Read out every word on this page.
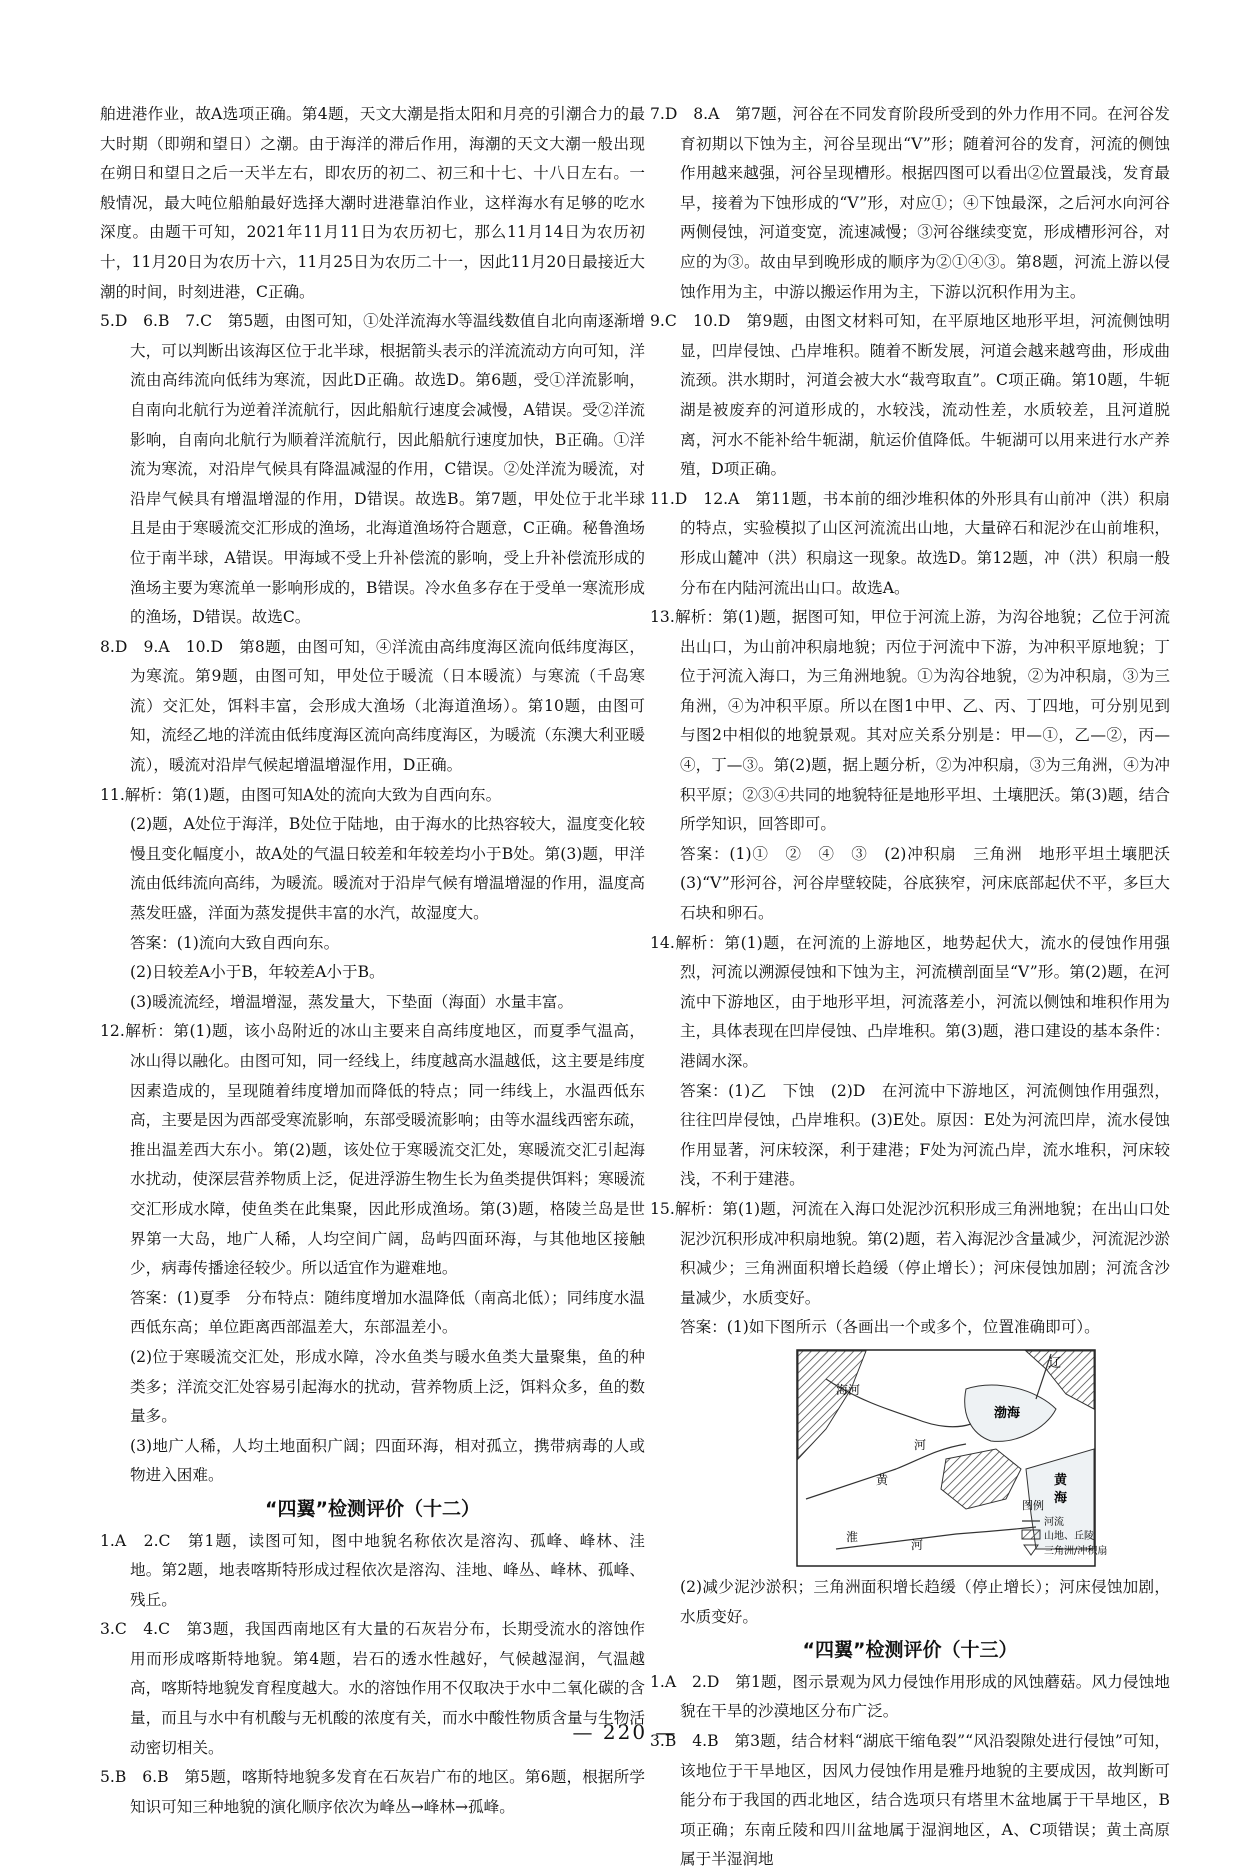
舶进港作业，故A选项正确。第4题，天文大潮是指太阳和月亮的引潮合力的最大时期（即朔和望日）之潮。由于海洋的滞后作用，海潮的天文大潮一般出现在朔日和望日之后一天半左右，即农历的初二、初三和十七、十八日左右。一般情况，最大吨位船舶最好选择大潮时进港靠泊作业，这样海水有足够的吃水深度。由题干可知，2021年11月11日为农历初七，那么11月14日为农历初十，11月20日为农历十六，11月25日为农历二十一，因此11月20日最接近大潮的时间，时刻进港，C正确。

5.D　6.B　7.C　第5题，由图可知，①处洋流海水等温线数值自北向南逐渐增大，可以判断出该海区位于北半球，根据箭头表示的洋流流动方向可知，洋流由高纬流向低纬为寒流，因此D正确。故选D。第6题，受①洋流影响，自南向北航行为逆着洋流航行，因此船航行速度会减慢，A错误。受②洋流影响，自南向北航行为顺着洋流航行，因此船航行速度加快，B正确。①洋流为寒流，对沿岸气候具有降温减湿的作用，C错误。②处洋流为暖流，对沿岸气候具有增温增湿的作用，D错误。故选B。第7题，甲处位于北半球且是由于寒暖流交汇形成的渔场，北海道渔场符合题意，C正确。秘鲁渔场位于南半球，A错误。甲海域不受上升补偿流的影响，受上升补偿流形成的渔场主要为寒流单一影响形成的，B错误。冷水鱼多存在于受单一寒流形成的渔场，D错误。故选C。

8.D　9.A　10.D　第8题，由图可知，④洋流由高纬度海区流向低纬度海区，为寒流。第9题，由图可知，甲处位于暖流（日本暖流）与寒流（千岛寒流）交汇处，饵料丰富，会形成大渔场（北海道渔场）。第10题，由图可知，流经乙地的洋流由低纬度海区流向高纬度海区，为暖流（东澳大利亚暖流），暖流对沿岸气候起增温增湿作用，D正确。

11.解析：第(1)题，由图可知A处的流向大致为自西向东。

(2)题，A处位于海洋，B处位于陆地，由于海水的比热容较大，温度变化较慢且变化幅度小，故A处的气温日较差和年较差均小于B处。第(3)题，甲洋流由低纬流向高纬，为暖流。暖流对于沿岸气候有增温增湿的作用，温度高蒸发旺盛，洋面为蒸发提供丰富的水汽，故湿度大。

答案：(1)流向大致自西向东。

(2)日较差A小于B，年较差A小于B。

(3)暖流流经，增温增湿，蒸发量大，下垫面（海面）水量丰富。

12.解析：第(1)题，该小岛附近的冰山主要来自高纬度地区，而夏季气温高，冰山得以融化。由图可知，同一经线上，纬度越高水温越低，这主要是纬度因素造成的，呈现随着纬度增加而降低的特点；同一纬线上，水温西低东高，主要是因为西部受寒流影响，东部受暖流影响；由等水温线西密东疏，推出温差西大东小。第(2)题，该处位于寒暖流交汇处，寒暖流交汇引起海水扰动，使深层营养物质上泛，促进浮游生物生长为鱼类提供饵料；寒暖流交汇形成水障，使鱼类在此集聚，因此形成渔场。第(3)题，格陵兰岛是世界第一大岛，地广人稀，人均空间广阔，岛屿四面环海，与其他地区接触少，病毒传播途径较少。所以适宜作为避难地。

答案：(1)夏季　分布特点：随纬度增加水温降低（南高北低）；同纬度水温西低东高；单位距离西部温差大，东部温差小。

(2)位于寒暖流交汇处，形成水障，冷水鱼类与暖水鱼类大量聚集，鱼的种类多；洋流交汇处容易引起海水的扰动，营养物质上泛，饵料众多，鱼的数量多。

(3)地广人稀，人均土地面积广阔；四面环海，相对孤立，携带病毒的人或物进入困难。

“四翼”检测评价（十二）

1.A　2.C　第1题，读图可知，图中地貌名称依次是溶沟、孤峰、峰林、洼地。第2题，地表喀斯特形成过程依次是溶沟、洼地、峰丛、峰林、孤峰、残丘。

3.C　4.C　第3题，我国西南地区有大量的石灰岩分布，长期受流水的溶蚀作用而形成喀斯特地貌。第4题，岩石的透水性越好，气候越湿润，气温越高，喀斯特地貌发育程度越大。水的溶蚀作用不仅取决于水中二氧化碳的含量，而且与水中有机酸与无机酸的浓度有关，而水中酸性物质含量与生物活动密切相关。

5.B　6.B　第5题，喀斯特地貌多发育在石灰岩广布的地区。第6题，根据所学知识可知三种地貌的演化顺序依次为峰丛→峰林→孤峰。

7.D　8.A　第7题，河谷在不同发育阶段所受到的外力作用不同。在河谷发育初期以下蚀为主，河谷呈现出“V”形；随着河谷的发育，河流的侧蚀作用越来越强，河谷呈现槽形。根据四图可以看出②位置最浅，发育最早，接着为下蚀形成的“V”形，对应①；④下蚀最深，之后河水向河谷两侧侵蚀，河道变宽，流速减慢；③河谷继续变宽，形成槽形河谷，对应的为③。故由早到晚形成的顺序为②①④③。第8题，河流上游以侵蚀作用为主，中游以搬运作用为主，下游以沉积作用为主。

9.C　10.D　第9题，由图文材料可知，在平原地区地形平坦，河流侧蚀明显，凹岸侵蚀、凸岸堆积。随着不断发展，河道会越来越弯曲，形成曲流颈。洪水期时，河道会被大水“裁弯取直”。C项正确。第10题，牛轭湖是被废弃的河道形成的，水较浅，流动性差，水质较差，且河道脱离，河水不能补给牛轭湖，航运价值降低。牛轭湖可以用来进行水产养殖，D项正确。

11.D　12.A　第11题，书本前的细沙堆积体的外形具有山前冲（洪）积扇的特点，实验模拟了山区河流流出山地，大量碎石和泥沙在山前堆积，形成山麓冲（洪）积扇这一现象。故选D。第12题，冲（洪）积扇一般分布在内陆河流出山口。故选A。

13.解析：第(1)题，据图可知，甲位于河流上游，为沟谷地貌；乙位于河流出山口，为山前冲积扇地貌；丙位于河流中下游，为冲积平原地貌；丁位于河流入海口，为三角洲地貌。①为沟谷地貌，②为冲积扇，③为三角洲，④为冲积平原。所以在图1中甲、乙、丙、丁四地，可分别见到与图2中相似的地貌景观。其对应关系分别是：甲—①，乙—②，丙—④，丁—③。第(2)题，据上题分析，②为冲积扇，③为三角洲，④为冲积平原；②③④共同的地貌特征是地形平坦、土壤肥沃。第(3)题，结合所学知识，回答即可。

答案：(1)①　②　④　③　(2)冲积扇　三角洲　地形平坦土壤肥沃　(3)“V”形河谷，河谷岸壁较陡，谷底狭窄，河床底部起伏不平，多巨大石块和卵石。

14.解析：第(1)题，在河流的上游地区，地势起伏大，流水的侵蚀作用强烈，河流以溯源侵蚀和下蚀为主，河流横剖面呈“V”形。第(2)题，在河流中下游地区，由于地形平坦，河流落差小，河流以侧蚀和堆积作用为主，具体表现在凹岸侵蚀、凸岸堆积。第(3)题，港口建设的基本条件：港阔水深。

答案：(1)乙　下蚀　(2)D　在河流中下游地区，河流侧蚀作用强烈，往往凹岸侵蚀，凸岸堆积。(3)E处。原因：E处为河流凹岸，流水侵蚀作用显著，河床较深，利于建港；F处为河流凸岸，流水堆积，河床较浅，不利于建港。

15.解析：第(1)题，河流在入海口处泥沙沉积形成三角洲地貌；在出山口处泥沙沉积形成冲积扇地貌。第(2)题，若入海泥沙含量减少，河流泥沙淤积减少；三角洲面积增长趋缓（停止增长）；河床侵蚀加剧；河流含沙量减少，水质变好。

答案：(1)如下图所示（各画出一个或多个，位置准确即可）。

辽
海河
渤海
河
黄	黄
海
淮
河
图例
河流
山地、丘陵
三角洲/冲积扇

(2)减少泥沙淤积；三角洲面积增长趋缓（停止增长）；河床侵蚀加剧，水质变好。

“四翼”检测评价（十三）

1.A　2.D　第1题，图示景观为风力侵蚀作用形成的风蚀蘑菇。风力侵蚀地貌在干旱的沙漠地区分布广泛。

3.B　4.B　第3题，结合材料“湖底干缩龟裂”“风沿裂隙处进行侵蚀”可知，该地位于干旱地区，因风力侵蚀作用是雅丹地貌的主要成因，故判断可能分布于我国的西北地区，结合选项只有塔里木盆地属于干旱地区，B项正确；东南丘陵和四川盆地属于湿润地区，A、C项错误；黄土高原属于半湿润地

— 220 —
